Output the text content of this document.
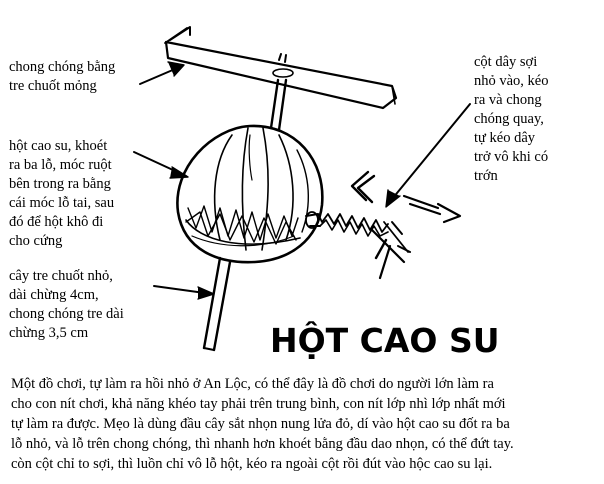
HỘT CAO SU
chong chóng bằng
tre chuốt mỏng
hột cao su, khoét
ra ba lỗ, móc ruột
bên trong ra bằng
cái móc lỗ tai, sau
đó để hột khô đi
cho cứng
cây tre chuốt nhỏ,
dài chừng 4cm,
chong chóng tre dài
chừng 3,5 cm
cột dây sợi
nhỏ vào, kéo
ra và chong
chóng quay,
tự kéo dây
trở vô khi có
trớn
Một đồ chơi, tự làm ra hồi nhỏ ở An Lộc, có thể đây là đồ chơi do người lớn làm ra
cho con nít chơi, khả năng khéo tay phải trên trung bình, con nít lớp nhì lớp nhất mới
tự làm ra được. Mẹo là dùng đầu cây sắt nhọn nung lửa đỏ, dí vào hột cao su đốt ra ba
lỗ nhỏ, và lỗ trên chong chóng, thì nhanh hơn khoét bằng đầu dao nhọn, có thể đứt tay.
còn cột chỉ to sợi, thì luồn chỉ vô lỗ hột, kéo ra ngoài cột rồi đút vào hộc cao su lại.
